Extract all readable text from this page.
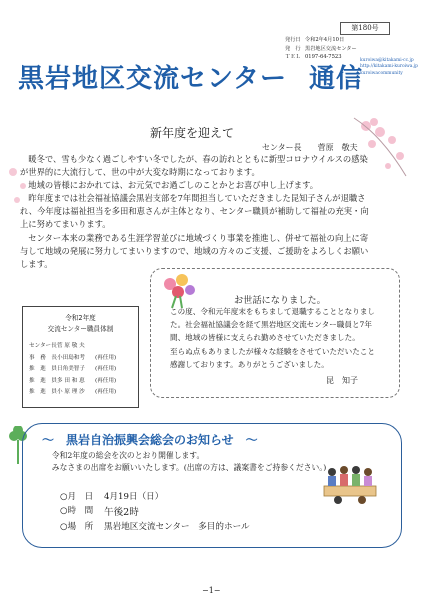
黒岩地区交流センター 通信
第180号
発行日 令和2年4月10日
発　行 黒岩地区交流センター
ＴＥＬ 0197-64-7523
kuroiwa@kitakami-cc.jp
http://kitakami-kuroiwa.jp
kuroiwacommunity
新年度を迎えて
センター長　　菅原　敬夫

暖冬で、雪も少なく過ごしやすい冬でしたが、春の訪れとともに新型コロナウイルスの感染が世界的に大流行して、世の中が大変な時期になっております。

地域の皆様におかれては、お元気でお過ごしのことかとお喜び申し上げます。

昨年度までは社会福祉協議会黒岩支部を7年間担当していただきました昆知子さんが退職され、今年度は福祉担当を多田和恵さんが主体となり、センター職員が補助して福祉の充実・向上に努めてまいります。

センター本来の業務である生涯学習並びに地域づくり事業を推進し、併せて福祉の向上に寄与して地域の発展に努力してまいりますので、地域の方々のご支援、ご援助をよろしくお願いします。

令和2年度
交流センター職員体制
センター長 菅 原 敬 夫
事　務　長 小田島和考	(再任用)
推　進　員 日角美智子	(再任用)
推　進　員 多 田 和 恵	(再任用)
推　進　員 小 原 理 沙	(再任用)
お世話になりました。

この度、令和元年度末をもちまして退職することとなりました。社会福祉協議会を経て黒岩地区交流センター職員と7年間、地域の皆様に支えられ勤めさせていただきました。

至らぬ点もありましたが様々な経験をさせていただいたこと感謝しております。ありがとうございました。

昆　知子
～　黒岩自治振興会総会のお知らせ　～

令和2年度の総会を次のとおり開催します。

みなさまの出席をお願いいたします。(出席の方は、議案書をご持参ください。)

○月　日	4月19日（日）
○時　間	午後2時
○場　所	黒岩地区交流センター　多目的ホール
−1−
